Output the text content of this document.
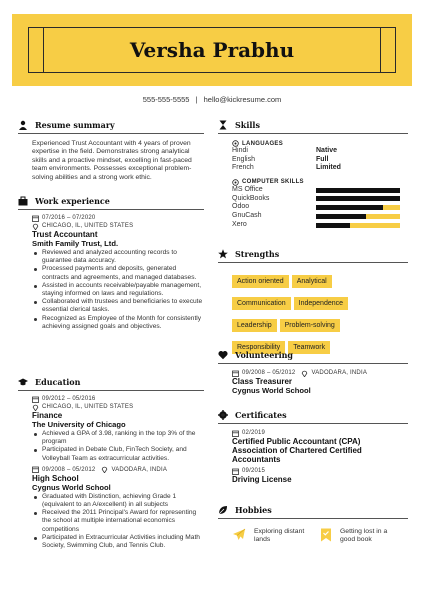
Versha Prabhu
555-555-5555 | hello@kickresume.com
Resume summary
Experienced Trust Accountant with 4 years of proven expertise in the field. Demonstrates strong analytical skills and a proactive mindset, excelling in fast-paced team environments. Possesses exceptional problem-solving abilities and a strong work ethic.
Work experience
07/2016 – 07/2020
CHICAGO, IL, UNITED STATES
Trust Accountant
Smith Family Trust, Ltd.
Reviewed and analyzed accounting records to guarantee data accuracy.
Processed payments and deposits, generated contracts and agreements, and managed databases.
Assisted in accounts receivable/payable management, staying informed on laws and regulations.
Collaborated with trustees and beneficiaries to execute essential clerical tasks.
Recognized as Employee of the Month for consistently achieving assigned goals and objectives.
Education
09/2012 – 05/2016
CHICAGO, IL, UNITED STATES
Finance
The University of Chicago
Achieved a GPA of 3.98, ranking in the top 3% of the program
Participated in Debate Club, FinTech Society, and Volleyball Team as extracurricular activities.
09/2008 – 05/2012	VADODARA, INDIA
High School
Cygnus World School
Graduated with Distinction, achieving Grade 1 (equivalent to an A/excellent) in all subjects
Received the 2011 Principal's Award for representing the school at multiple international economics competitions
Participated in Extracurricular Activities including Math Society, Swimming Club, and Tennis Club.
Skills
LANGUAGES
Hindi	Native
English	Full
French	Limited
COMPUTER SKILLS
MS Office
QuickBooks
Odoo
GnuCash
Xero
Strengths
Action oriented Analytical
Communication Independence
Leadership Problem-solving
Responsibility Teamwork
Volunteering
09/2008 – 05/2012	VADODARA, INDIA
Class Treasurer
Cygnus World School
Certificates
02/2019
Certified Public Accountant (CPA) Association of Chartered Certified Accountants
09/2015
Driving License
Hobbies
Exploring distant lands
Getting lost in a good book
